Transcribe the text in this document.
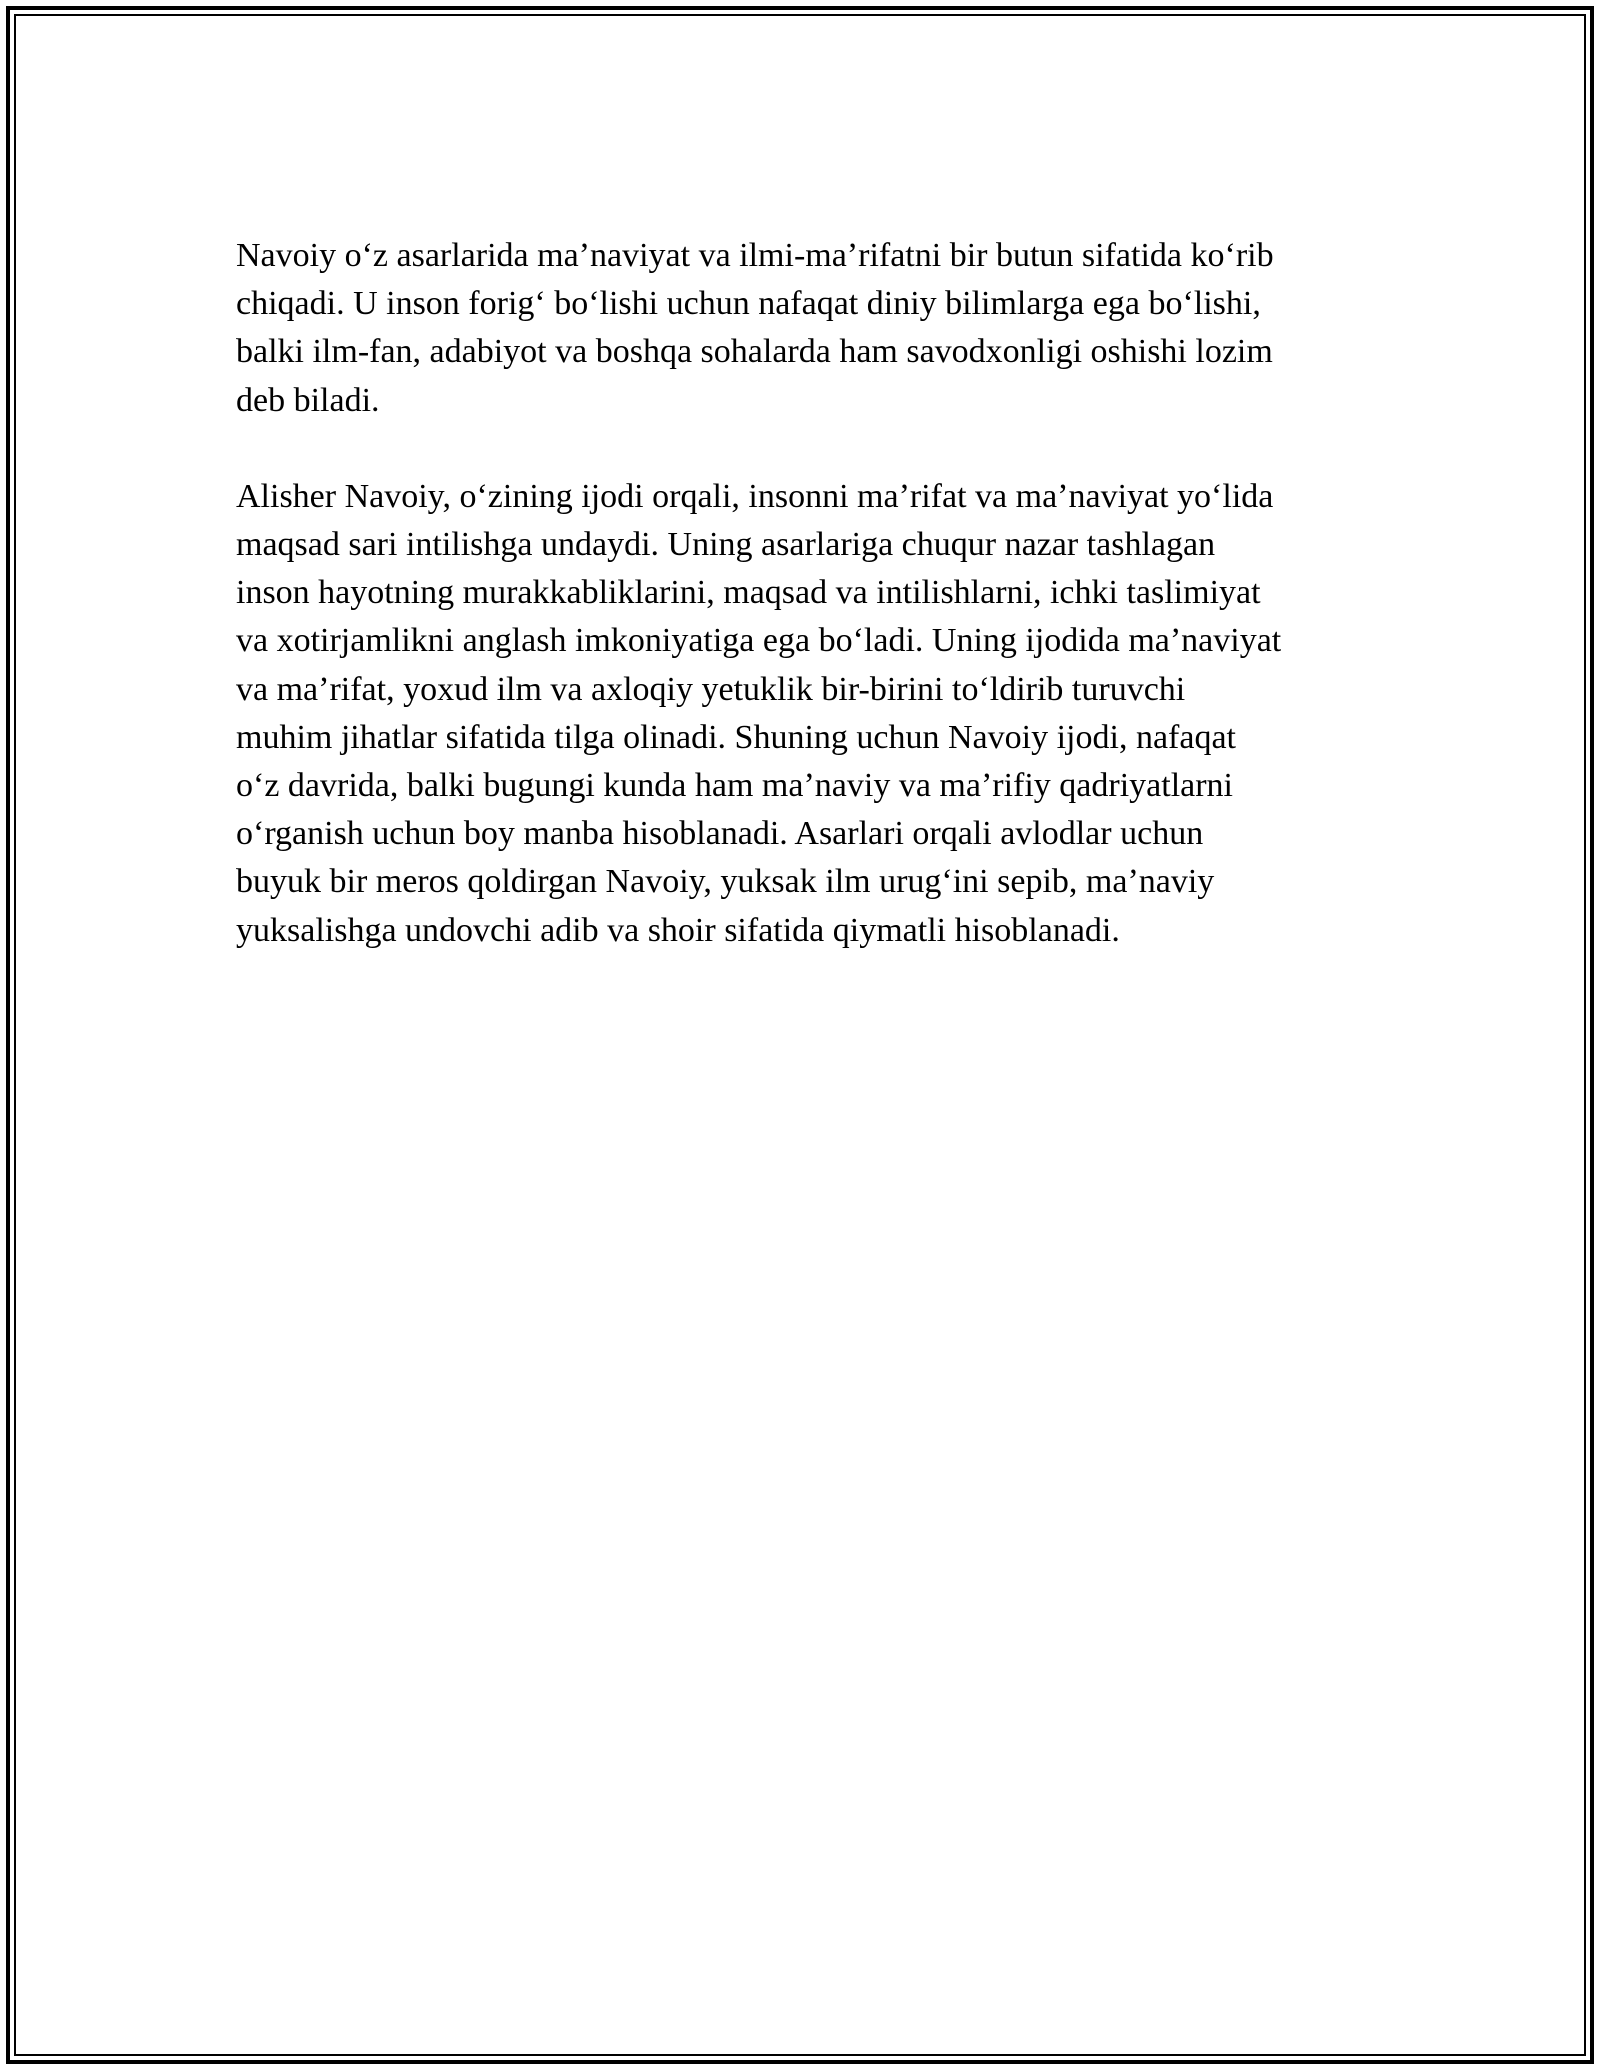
Navoiy oʻz asarlarida maʼnaviyat va ilmi-maʼrifatni bir butun sifatida koʻrib
chiqadi. U inson forigʻ boʻlishi uchun nafaqat diniy bilimlarga ega boʻlishi,
balki ilm-fan, adabiyot va boshqa sohalarda ham savodxonligi oshishi lozim
deb biladi.

Alisher Navoiy, oʻzining ijodi orqali, insonni maʼrifat va maʼnaviyat yoʻlida
maqsad sari intilishga undaydi. Uning asarlariga chuqur nazar tashlagan
inson hayotning murakkabliklarini, maqsad va intilishlarni, ichki taslimiyat
va xotirjamlikni anglash imkoniyatiga ega boʻladi. Uning ijodida maʼnaviyat
va maʼrifat, yoxud ilm va axloqiy yetuklik bir-birini toʻldirib turuvchi
muhim jihatlar sifatida tilga olinadi. Shuning uchun Navoiy ijodi, nafaqat
oʻz davrida, balki bugungi kunda ham maʼnaviy va maʼrifiy qadriyatlarni
oʻrganish uchun boy manba hisoblanadi. Asarlari orqali avlodlar uchun
buyuk bir meros qoldirgan Navoiy, yuksak ilm urugʻini sepib, maʼnaviy
yuksalishga undovchi adib va shoir sifatida qiymatli hisoblanadi.
